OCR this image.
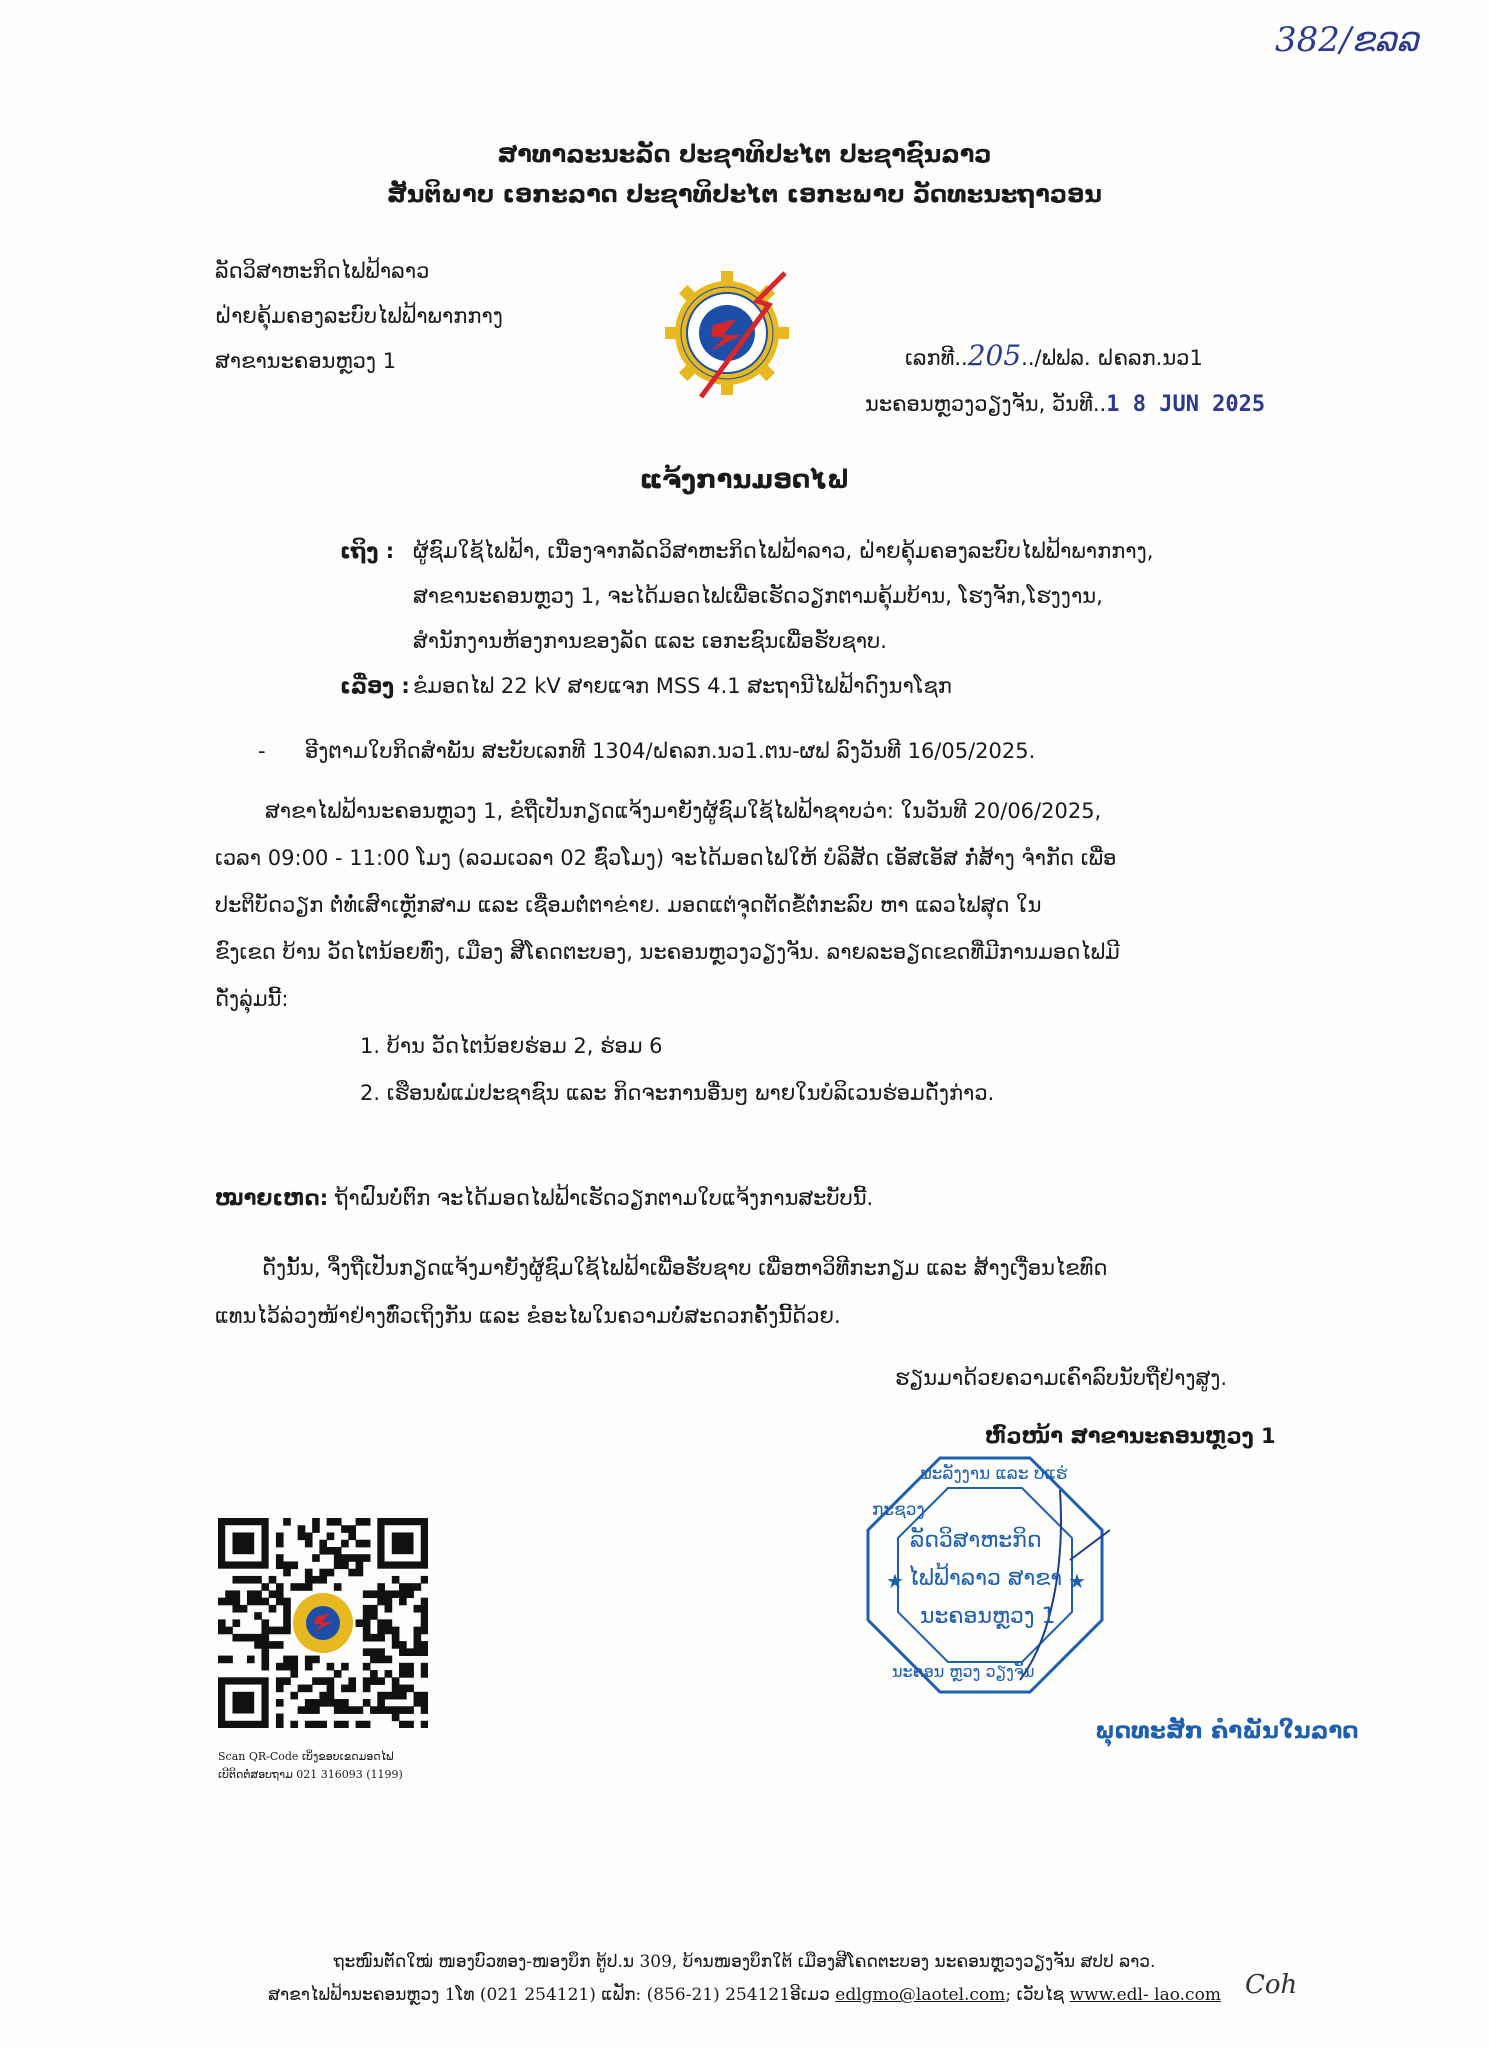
382/ຂລລ
ສາທາລະນະລັດ ປະຊາທິປະໄຕ ປະຊາຊົນລາວ
ສັນຕິພາບ ເອກະລາດ ປະຊາທິປະໄຕ ເອກະພາບ ວັດທະນະຖາວອນ
ລັດວິສາຫະກິດໄຟຟ້າລາວ
ຝ່າຍຄຸ້ມຄອງລະບົບໄຟຟ້າພາກກາງ
ສາຂານະຄອນຫຼວງ 1	ເລກທີ..205../ຟຟລ. ຝຄລກ.ນວ1
ນະຄອນຫຼວງວຽງຈັນ, ວັນທີ..1 8 JUN 2025
ແຈ້ງການມອດໄຟ
ເຖິງ : ຜູ້ຊົມໃຊ້ໄຟຟ້າ, ເນື່ອງຈາກລັດວິສາຫະກິດໄຟຟ້າລາວ, ຝ່າຍຄຸ້ມຄອງລະບົບໄຟຟ້າພາກກາງ,
ສາຂານະຄອນຫຼວງ 1, ຈະໄດ້ມອດໄຟເພື່ອເຮັດວຽກຕາມຄຸ້ມບ້ານ, ໂຮງຈັກ,ໂຮງງານ,
ສຳນັກງານຫ້ອງການຂອງລັດ ແລະ ເອກະຊົນເພື່ອຮັບຊາບ.
ເລື່ອງ : ຂໍມອດໄຟ 22 kV ສາຍແຈກ MSS 4.1 ສະຖານີໄຟຟ້າດົງນາໂຊກ
- ອີງຕາມໃບກິດສຳພັນ ສະບັບເລກທີ 1304/ຝຄລກ.ນວ1.ຕນ-ຜຟ ລົງວັນທີ 16/05/2025.
ສາຂາໄຟຟ້ານະຄອນຫຼວງ 1, ຂໍຖືເປັນກຽດແຈ້ງມາຍັງຜູ້ຊົມໃຊ້ໄຟຟ້າຊາບວ່າ: ໃນວັນທີ 20/06/2025,
ເວລາ 09:00 - 11:00 ໂມງ (ລວມເວລາ 02 ຊົ່ວໂມງ) ຈະໄດ້ມອດໄຟໃຫ້ ບໍລິສັດ ເອັສເອັສ ກໍ່ສ້າງ ຈຳກັດ ເພື່ອ
ປະຕິບັດວຽກ ຕໍ່ທໍ່ເສົາເຫຼັກສາມ ແລະ ເຊື່ອມຕໍ່ຕາຂ່າຍ. ມອດແຕ່ຈຸດຕັດຂໍ້ຕໍ່ກະລົບ ຫາ ແລວໄຟສຸດ ໃນ
ຂົງເຂດ ບ້ານ ວັດໄຕນ້ອຍທົ່ງ, ເມືອງ ສີໂຄດຕະບອງ, ນະຄອນຫຼວງວຽງຈັນ. ລາຍລະອຽດເຂດທີ່ມີການມອດໄຟມີ
ດັ່ງລຸ່ມນີ້:
1. ບ້ານ ວັດໄຕນ້ອຍຮ່ອມ 2, ຮ່ອມ 6
2. ເຮືອນພໍ່ແມ່ປະຊາຊົນ ແລະ ກິດຈະການອື່ນໆ ພາຍໃນບໍລິເວນຮ່ອມດັ່ງກ່າວ.
ໝາຍເຫດ: ຖ້າຝົນບໍ່ຕົກ ຈະໄດ້ມອດໄຟຟ້າເຮັດວຽກຕາມໃບແຈ້ງການສະບັບນີ້.
ດັ່ງນັ້ນ, ຈຶ່ງຖືເປັນກຽດແຈ້ງມາຍັງຜູ້ຊົມໃຊ້ໄຟຟ້າເພື່ອຮັບຊາບ ເພື່ອຫາວິທີກະກຽມ ແລະ ສ້າງເງື່ອນໄຂທົດ
ແທນໄວ້ລ່ວງໜ້າຢ່າງທົ່ວເຖິງກັນ ແລະ ຂໍອະໄພໃນຄວາມບໍ່ສະດວກຄັ້ງນີ້ດ້ວຍ.
ຮຽນມາດ້ວຍຄວາມເຄົາລົບນັບຖືຢ່າງສູງ.
ຫົວໜ້າ ສາຂານະຄອນຫຼວງ 1
★	★
ພະລັງງານ ແລະ ບໍ່ແຮ່
ກະຊວງ
ລັດວິສາຫະກິດ
ໄຟຟ້າລາວ ສາຂາ
ນະຄອນຫຼວງ 1
ນະຄອນ ຫຼວງ ວຽງຈັນ
ພຸດທະສັກ ຄຳພັນໃນລາດ
Scan QR-Code ເບິ່ງຂອບເຂດມອດໄຟ
ເບີຕິດຕໍ່ສອບຖາມ 021 316093 (1199)
ຖະໜົນຕັດໃໝ່ ໜອງບົວທອງ-ໜອງບຶກ ຕູ້ປ.ນ 309, ບ້ານໜອງບຶກໃຕ້ ເມືອງສີໂຄດຕະບອງ ນະຄອນຫຼວງວຽງຈັນ ສປປ ລາວ.
ສາຂາໄຟຟ້ານະຄອນຫຼວງ 1ໂທ (021 254121) ແຟັກ: (856-21) 254121ອີເມວ edlgmo@laotel.com; ເວັບໄຊ www.edl- lao.com Coh
